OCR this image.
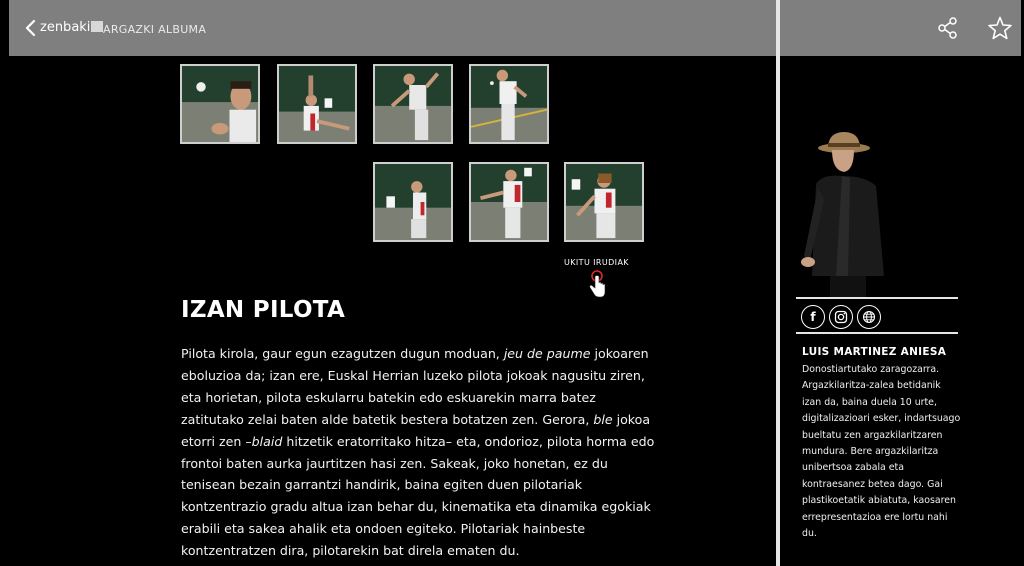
zenbaki	ARGAZKI ALBUMA
UKITU IRUDIAK
IZAN PILOTA

Pilota kirola, gaur egun ezagutzen dugun moduan, jeu de paume jokoaren eboluzioa da; izan ere, Euskal Herrian luzeko pilota jokoak nagusitu ziren, eta horietan, pilota eskularru batekin edo eskuarekin marra batez zatitutako zelai baten alde batetik bestera botatzen zen. Gerora, ble jokoa etorri zen –blaid hitzetik eratorritako hitza– eta, ondorioz, pilota horma edo frontoi baten aurka jaurtitzen hasi zen. Sakeak, joko honetan, ez du tenisean bezain garrantzi handirik, baina egiten duen pilotariak kontzentrazio gradu altua izan behar du, kinematika eta dinamika egokiak erabili eta sakea ahalik eta ondoen egiteko. Pilotariak hainbeste kontzentratzen dira, pilotarekin bat direla ematen du.

f
LUIS MARTINEZ ANIESA
Donostiartutako zaragozarra. Argazkilaritza-zalea betidanik izan da, baina duela 10 urte, digitalizazioari esker, indartsuago bueltatu zen argazkilaritzaren mundura. Bere argazkilaritza unibertsoa zabala eta kontraesanez betea dago. Gai plastikoetatik abiatuta, kaosaren errepresentazioa ere lortu nahi du.
